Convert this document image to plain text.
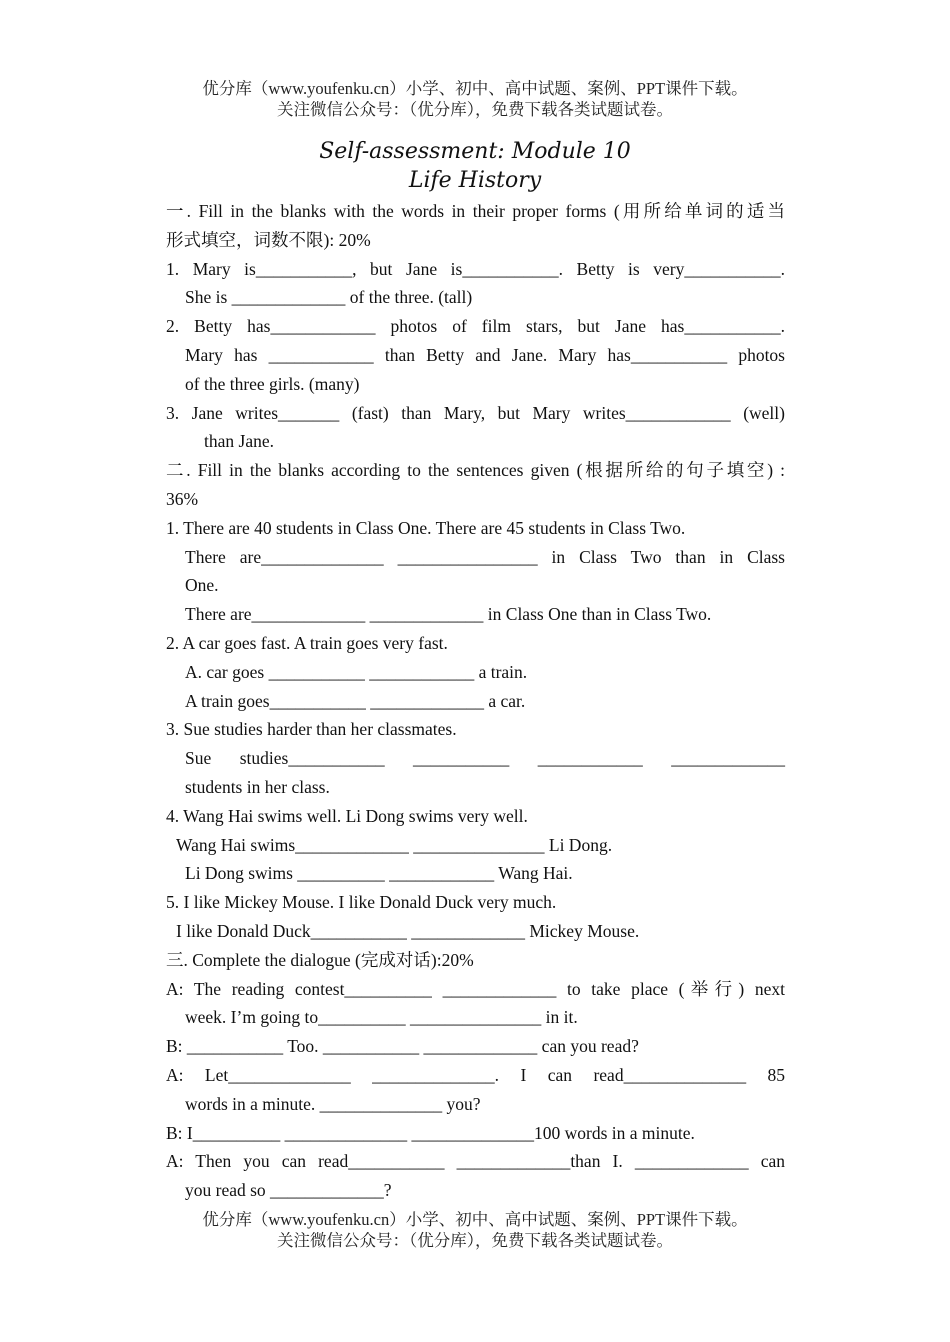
优分库（www.youfenku.cn）小学、初中、高中试题、案例、PPT课件下载。
关注微信公众号：（优分库），免费下载各类试题试卷。
Self-assessment: Module 10
Life History
一. Fill in the blanks with the words in their proper forms (用所给单词的适当
形式填空，词数不限): 20%
1. Mary is___________, but Jane is___________. Betty is very___________.
She is _____________ of the three. (tall)
2. Betty has____________ photos of film stars, but Jane has___________.
Mary has ____________ than Betty and Jane. Mary has___________ photos
of the three girls. (many)
3. Jane writes_______ (fast) than Mary, but Mary writes____________ (well)
than Jane.
二. Fill in the blanks according to the sentences given (根据所给的句子填空) :
36%
1. There are 40 students in Class One. There are 45 students in Class Two.
There are______________ ________________ in Class Two than in Class
One.
There are_____________ _____________ in Class One than in Class Two.
2. A car goes fast. A train goes very fast.
A. car goes ___________ ____________ a train.
A train goes___________ _____________ a car.
3. Sue studies harder than her classmates.
Sue studies___________ ___________ ____________ _____________
students in her class.
4. Wang Hai swims well. Li Dong swims very well.
Wang Hai swims_____________ _______________ Li Dong.
Li Dong swims __________ ____________ Wang Hai.
5. I like Mickey Mouse. I like Donald Duck very much.
I like Donald Duck___________ _____________ Mickey Mouse.
三. Complete the dialogue (完成对话):20%
A: The reading contest__________ _____________ to take place (举行) next
week. I’m going to__________ _______________ in it.
B: ___________ Too. ___________ _____________ can you read?
A: Let______________ ______________. I can read______________ 85
words in a minute. ______________ you?
B: I__________ ______________ ______________100 words in a minute.
A: Then you can read___________ _____________than I. _____________ can
you read so _____________?
优分库（www.youfenku.cn）小学、初中、高中试题、案例、PPT课件下载。
关注微信公众号：（优分库），免费下载各类试题试卷。
